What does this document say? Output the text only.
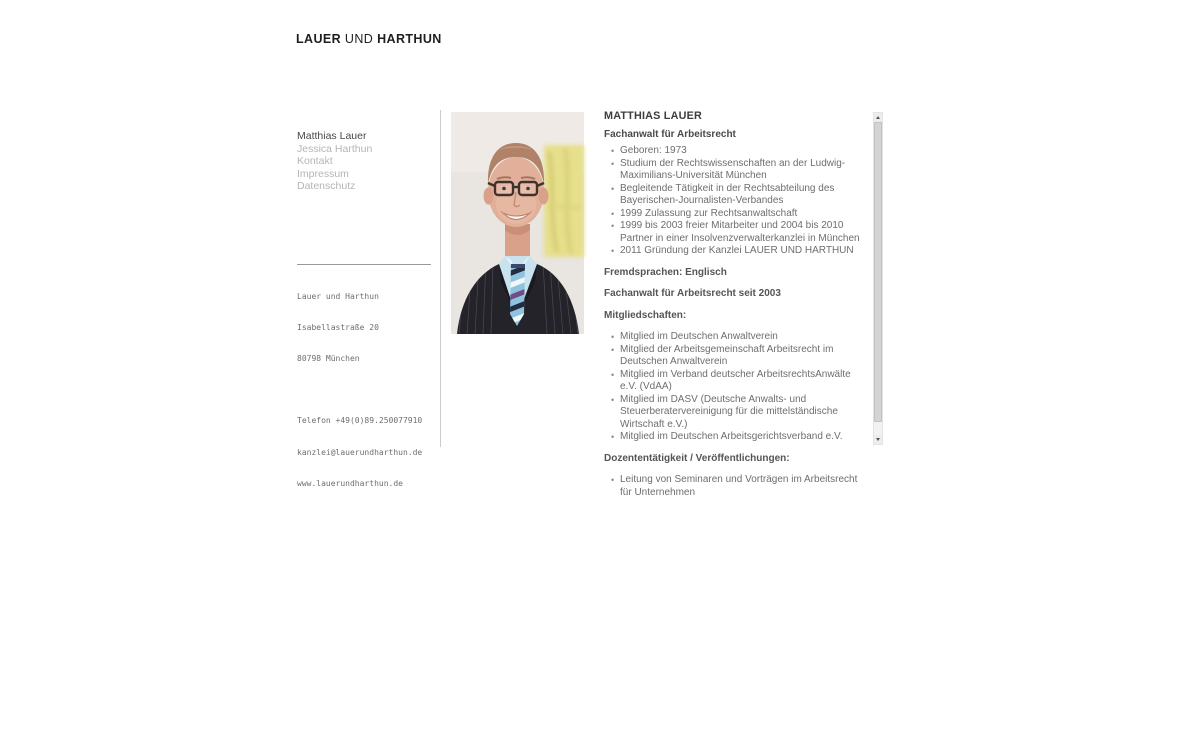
LAUER UND HARTHUN
Matthias Lauer
Jessica Harthun
Kontakt
Impressum
Datenschutz

Lauer und Harthun

Isabellastraße 20

80798 München

Telefon +49(0)89.250077910

kanzlei@lauerundharthun.de

www.lauerundharthun.de

MATTHIAS LAUER
Fachanwalt für Arbeitsrecht
• Geboren: 1973
• Studium der Rechtswissenschaften an der Ludwig-Maximilians-Universität München
• Begleitende Tätigkeit in der Rechtsabteilung des Bayerischen-Journalisten-Verbandes
• 1999 Zulassung zur Rechtsanwaltschaft
• 1999 bis 2003 freier Mitarbeiter und 2004 bis 2010 Partner in einer Insolvenzverwalterkanzlei in München
• 2011 Gründung der Kanzlei LAUER UND HARTHUN

Fremdsprachen: Englisch

Fachanwalt für Arbeitsrecht seit 2003

Mitgliedschaften:

• Mitglied im Deutschen Anwaltverein
• Mitglied der Arbeitsgemeinschaft Arbeitsrecht im Deutschen Anwaltverein
• Mitglied im Verband deutscher ArbeitsrechtsAnwälte e.V. (VdAA)
• Mitglied im DASV (Deutsche Anwalts- und Steuerberatervereinigung für die mittelständische Wirtschaft e.V.)
• Mitglied im Deutschen Arbeitsgerichtsverband e.V.

Dozententätigkeit / Veröffentlichungen:

• Leitung von Seminaren und Vorträgen im Arbeitsrecht für Unternehmen
